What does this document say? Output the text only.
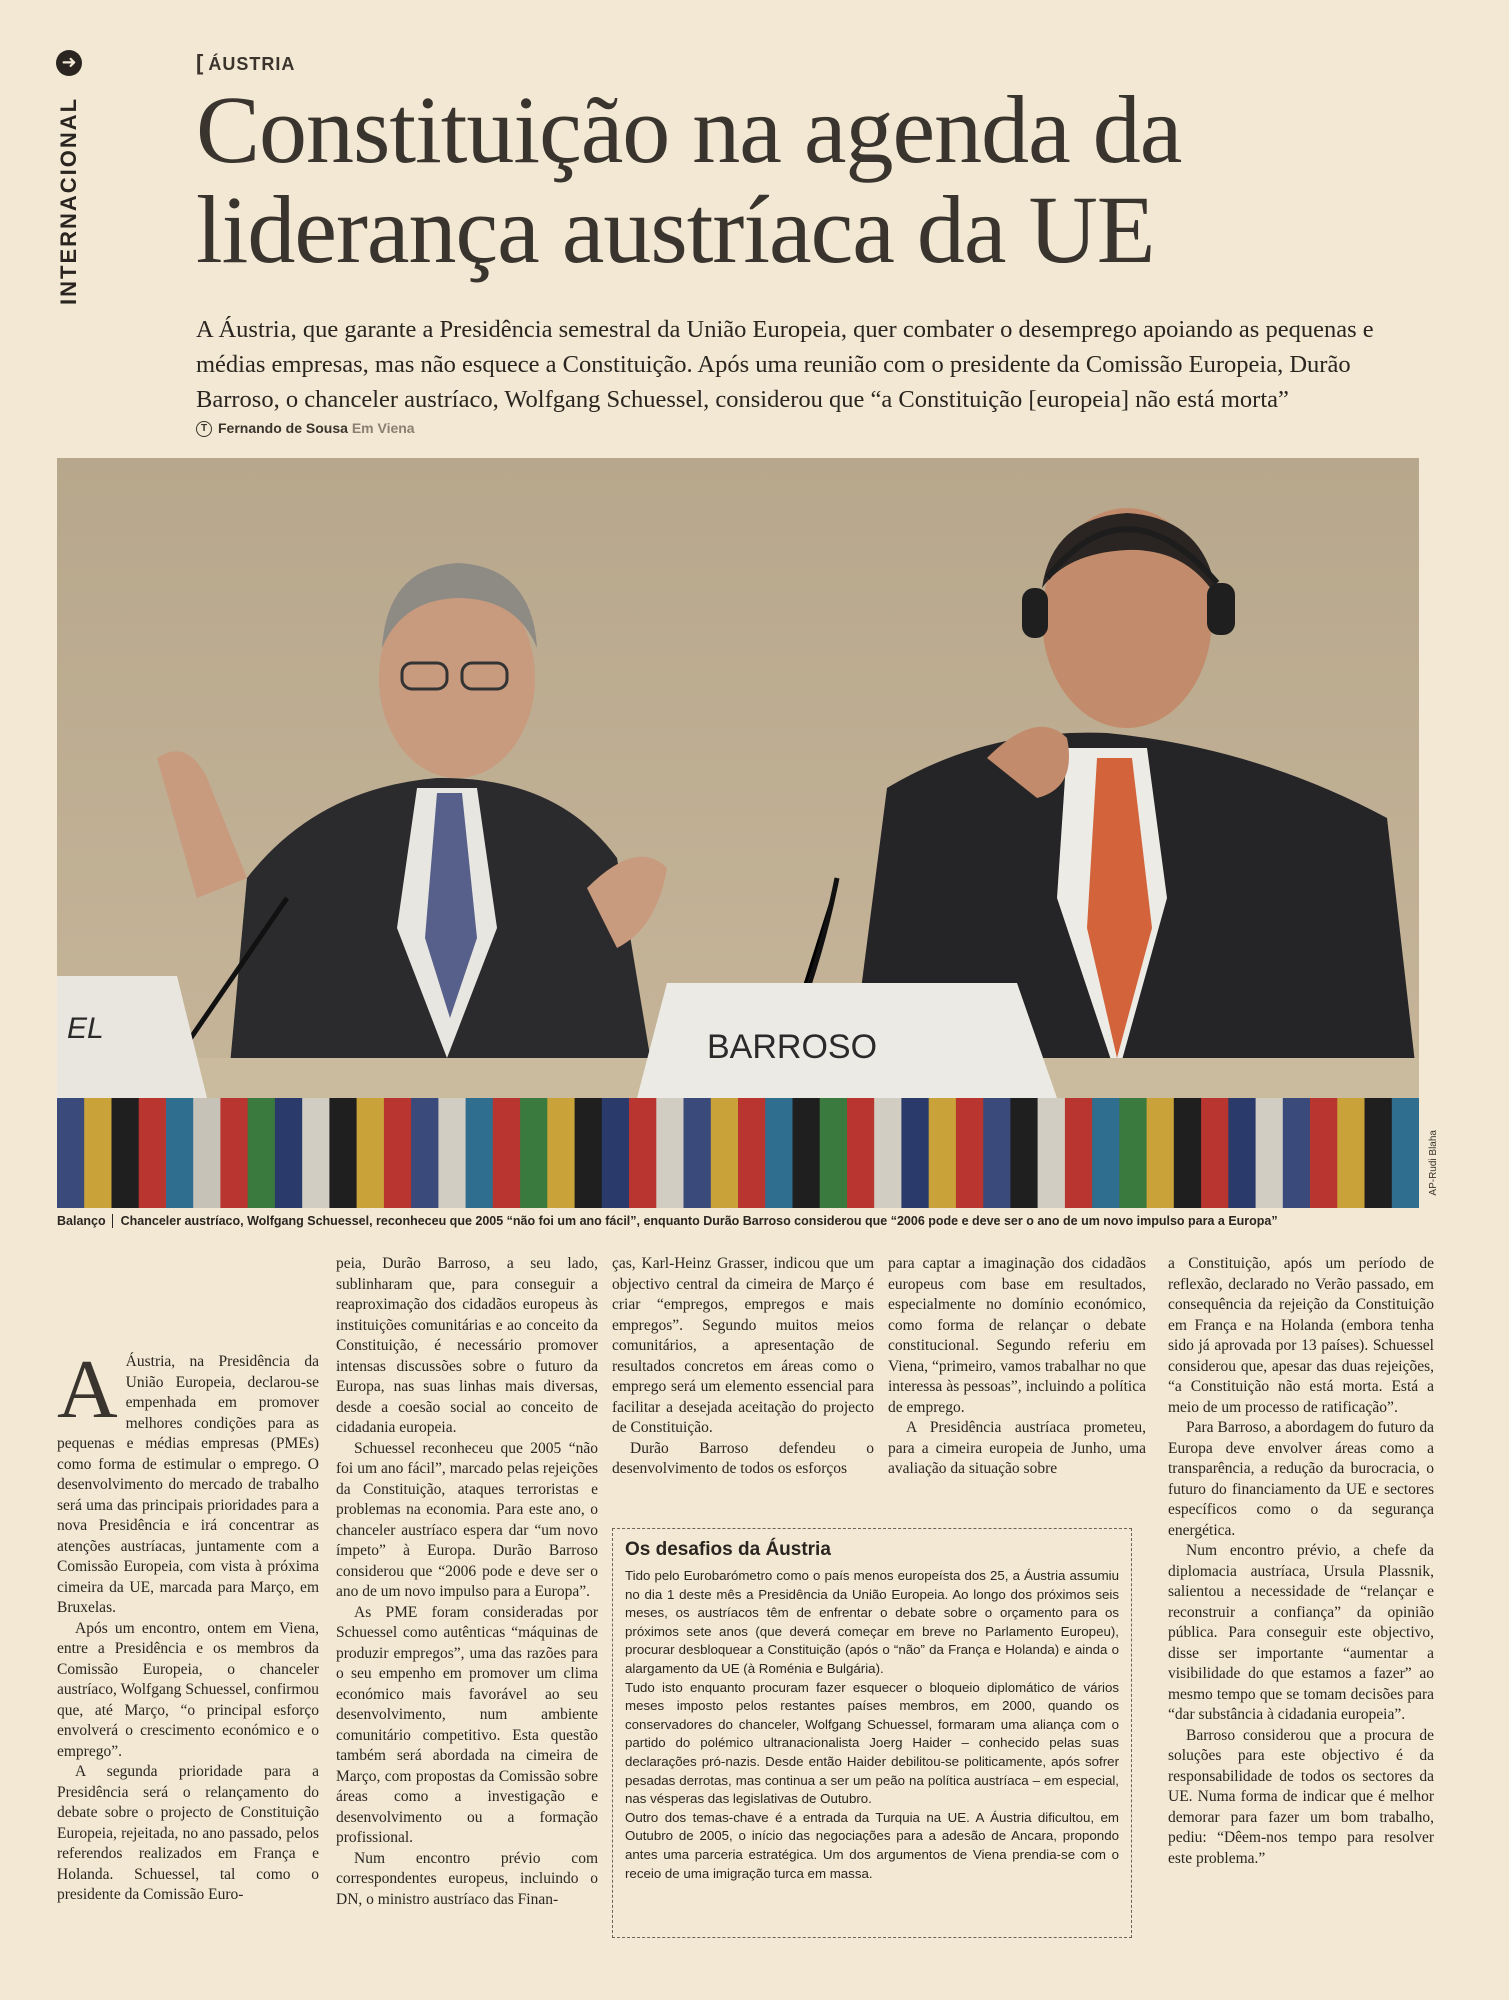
➜
INTERNACIONAL
[ ÁUSTRIA
Constituição na agenda da liderança austríaca da UE

A Áustria, que garante a Presidência semestral da União Europeia, quer combater o desemprego apoiando as pequenas e médias empresas, mas não esquece a Constituição. Após uma reunião com o presidente da Comissão Europeia, Durão Barroso, o chanceler austríaco, Wolfgang Schuessel, considerou que “a Constituição [europeia] não está morta”

T Fernando de Sousa Em Viena
EL	BARROSO
AP-Rudi Blaha
Balanço Chanceler austríaco, Wolfgang Schuessel, reconheceu que 2005 “não foi um ano fácil”, enquanto Durão Barroso considerou que “2006 pode e deve ser o ano de um novo impulso para a Europa”

A Áustria, na Presidência da União Europeia, declarou-se empenhada em promover melhores condições para as pequenas e médias empresas (PMEs) como forma de estimular o emprego. O desenvolvimento do mercado de trabalho será uma das principais prioridades para a nova Presidência e irá concentrar as atenções austríacas, juntamente com a Comissão Europeia, com vista à próxima cimeira da UE, marcada para Março, em Bruxelas.

Após um encontro, ontem em Viena, entre a Presidência e os membros da Comissão Europeia, o chanceler austríaco, Wolfgang Schuessel, confirmou que, até Março, “o principal esforço envolverá o crescimento económico e o emprego”.

A segunda prioridade para a Presidência será o relançamento do debate sobre o projecto de Constituição Europeia, rejeitada, no ano passado, pelos referendos realizados em França e Holanda. Schuessel, tal como o presidente da Comissão Euro-

peia, Durão Barroso, a seu lado, sublinharam que, para conseguir a reaproximação dos cidadãos europeus às instituições comunitárias e ao conceito da Constituição, é necessário promover intensas discussões sobre o futuro da Europa, nas suas linhas mais diversas, desde a coesão social ao conceito de cidadania europeia.

Schuessel reconheceu que 2005 “não foi um ano fácil”, marcado pelas rejeições da Constituição, ataques terroristas e problemas na economia. Para este ano, o chanceler austríaco espera dar “um novo ímpeto” à Europa. Durão Barroso considerou que “2006 pode e deve ser o ano de um novo impulso para a Europa”.

As PME foram consideradas por Schuessel como autênticas “máquinas de produzir empregos”, uma das razões para o seu empenho em promover um clima económico mais favorável ao seu desenvolvimento, num ambiente comunitário competitivo. Esta questão também será abordada na cimeira de Março, com propostas da Comissão sobre áreas como a investigação e desenvolvimento ou a formação profissional.

Num encontro prévio com correspondentes europeus, incluindo o DN, o ministro austríaco das Finan-

ças, Karl-Heinz Grasser, indicou que um objectivo central da cimeira de Março é criar “empregos, empregos e mais empregos”. Segundo muitos meios comunitários, a apresentação de resultados concretos em áreas como o emprego será um elemento essencial para facilitar a desejada aceitação do projecto de Constituição.

Durão Barroso defendeu o desenvolvimento de todos os esforços

para captar a imaginação dos cidadãos europeus com base em resultados, especialmente no domínio económico, como forma de relançar o debate constitucional. Segundo referiu em Viena, “primeiro, vamos trabalhar no que interessa às pessoas”, incluindo a política de emprego.

A Presidência austríaca prometeu, para a cimeira europeia de Junho, uma avaliação da situação sobre

a Constituição, após um período de reflexão, declarado no Verão passado, em consequência da rejeição da Constituição em França e na Holanda (embora tenha sido já aprovada por 13 países). Schuessel considerou que, apesar das duas rejeições, “a Constituição não está morta. Está a meio de um processo de ratificação”.

Para Barroso, a abordagem do futuro da Europa deve envolver áreas como a transparência, a redução da burocracia, o futuro do financiamento da UE e sectores específicos como o da segurança energética.

Num encontro prévio, a chefe da diplomacia austríaca, Ursula Plassnik, salientou a necessidade de “relançar e reconstruir a confiança” da opinião pública. Para conseguir este objectivo, disse ser importante “aumentar a visibilidade do que estamos a fazer” ao mesmo tempo que se tomam decisões para “dar substância à cidadania europeia”.

Barroso considerou que a procura de soluções para este objectivo é da responsabilidade de todos os sectores da UE. Numa forma de indicar que é melhor demorar para fazer um bom trabalho, pediu: “Dêem-nos tempo para resolver este problema.”

Os desafios da Áustria

Tido pelo Eurobarómetro como o país menos europeísta dos 25, a Áustria assumiu no dia 1 deste mês a Presidência da União Europeia. Ao longo dos próximos seis meses, os austríacos têm de enfrentar o debate sobre o orçamento para os próximos sete anos (que deverá começar em breve no Parlamento Europeu), procurar desbloquear a Constituição (após o “não” da França e Holanda) e ainda o alargamento da UE (à Roménia e Bulgária).

Tudo isto enquanto procuram fazer esquecer o bloqueio diplomático de vários meses imposto pelos restantes países membros, em 2000, quando os conservadores do chanceler, Wolfgang Schuessel, formaram uma aliança com o partido do polémico ultranacionalista Joerg Haider – conhecido pelas suas declarações pró-nazis. Desde então Haider debilitou-se politicamente, após sofrer pesadas derrotas, mas continua a ser um peão na política austríaca – em especial, nas vésperas das legislativas de Outubro.

Outro dos temas-chave é a entrada da Turquia na UE. A Áustria dificultou, em Outubro de 2005, o início das negociações para a adesão de Ancara, propondo antes uma parceria estratégica. Um dos argumentos de Viena prendia-se com o receio de uma imigração turca em massa.
